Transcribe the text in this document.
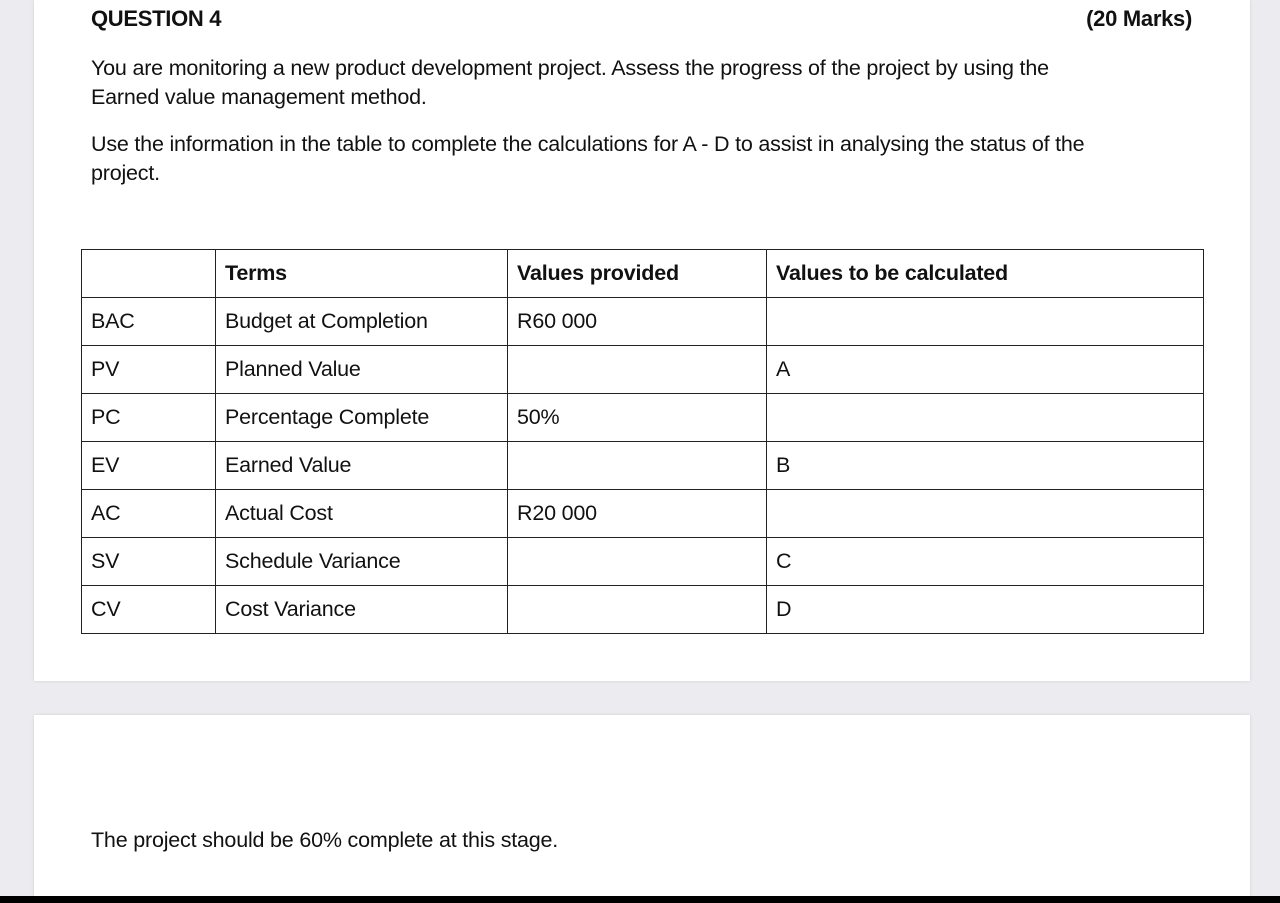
QUESTION 4	(20 Marks)
You are monitoring a new product development project. Assess the progress of the project by using the Earned value management method.
Use the information in the table to complete the calculations for A - D to assist in analysing the status of the project.
	Terms	Values provided	Values to be calculated
BAC	Budget at Completion	R60 000	
PV	Planned Value		A
PC	Percentage Complete	50%	
EV	Earned Value		B
AC	Actual Cost	R20 000	
SV	Schedule Variance		C
CV	Cost Variance		D
The project should be 60% complete at this stage.
